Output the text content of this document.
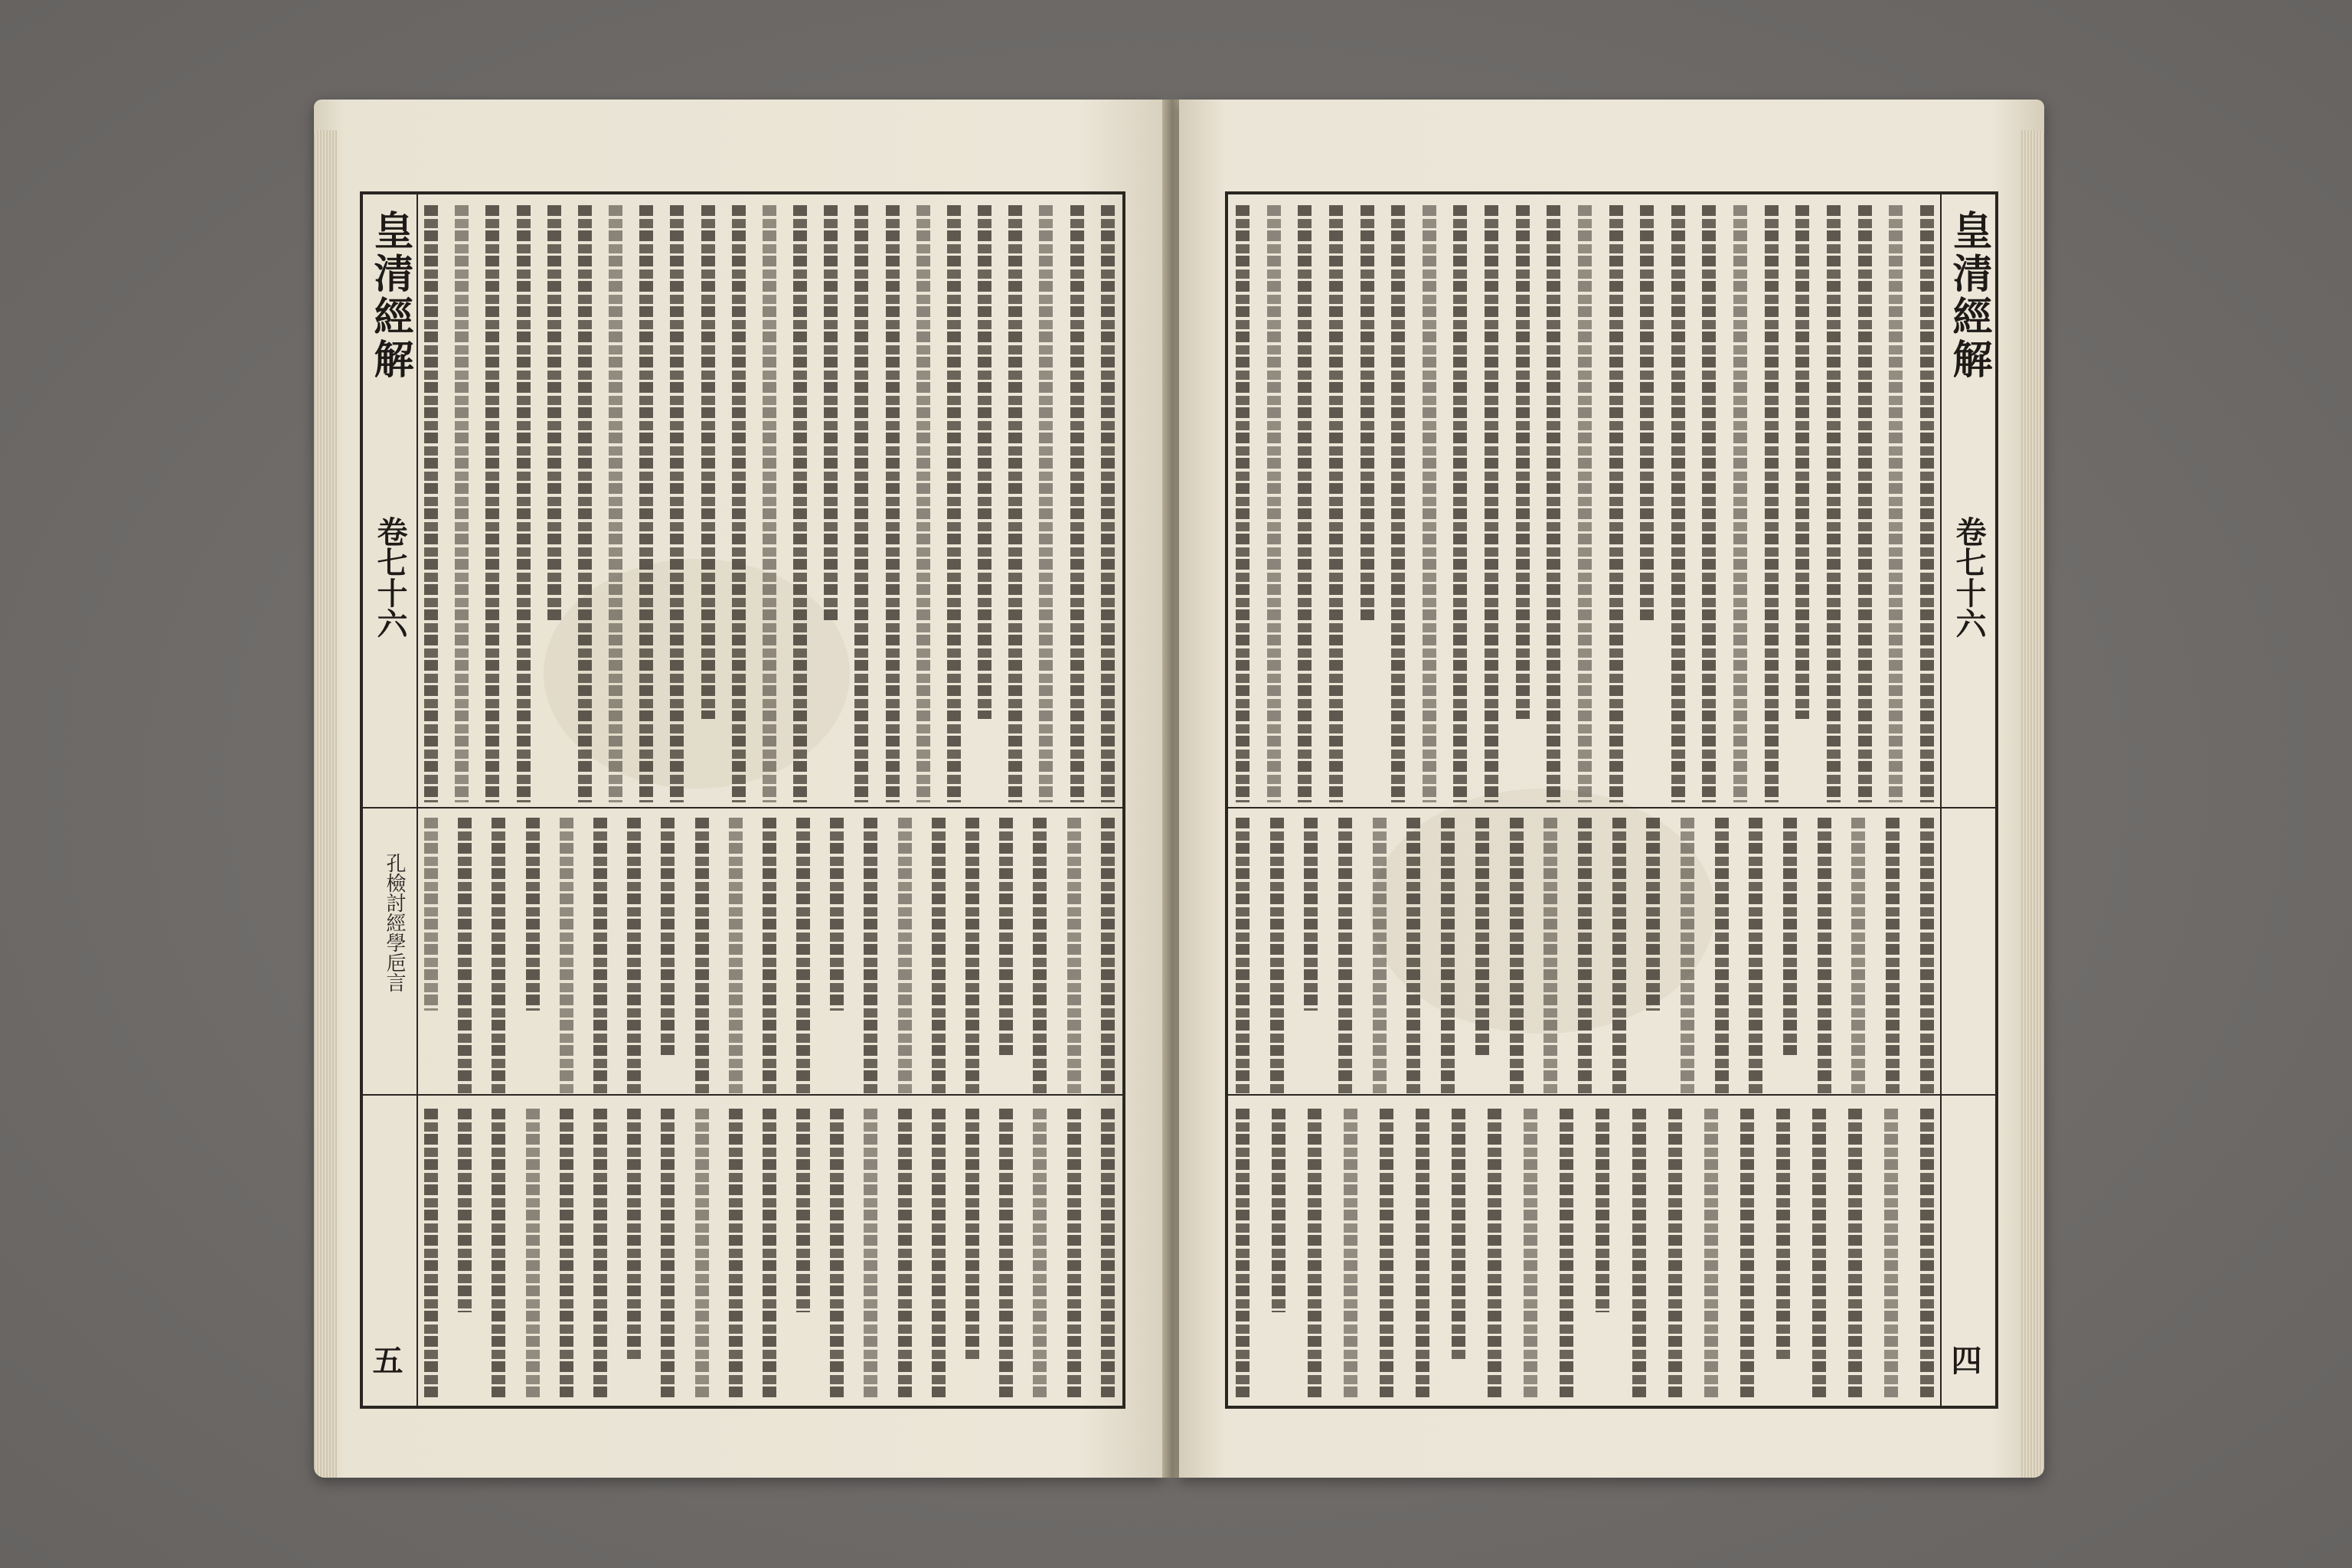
皇清經解
卷七十六
孔檢討經學巵言
五
皇清經解
卷七十六
四
